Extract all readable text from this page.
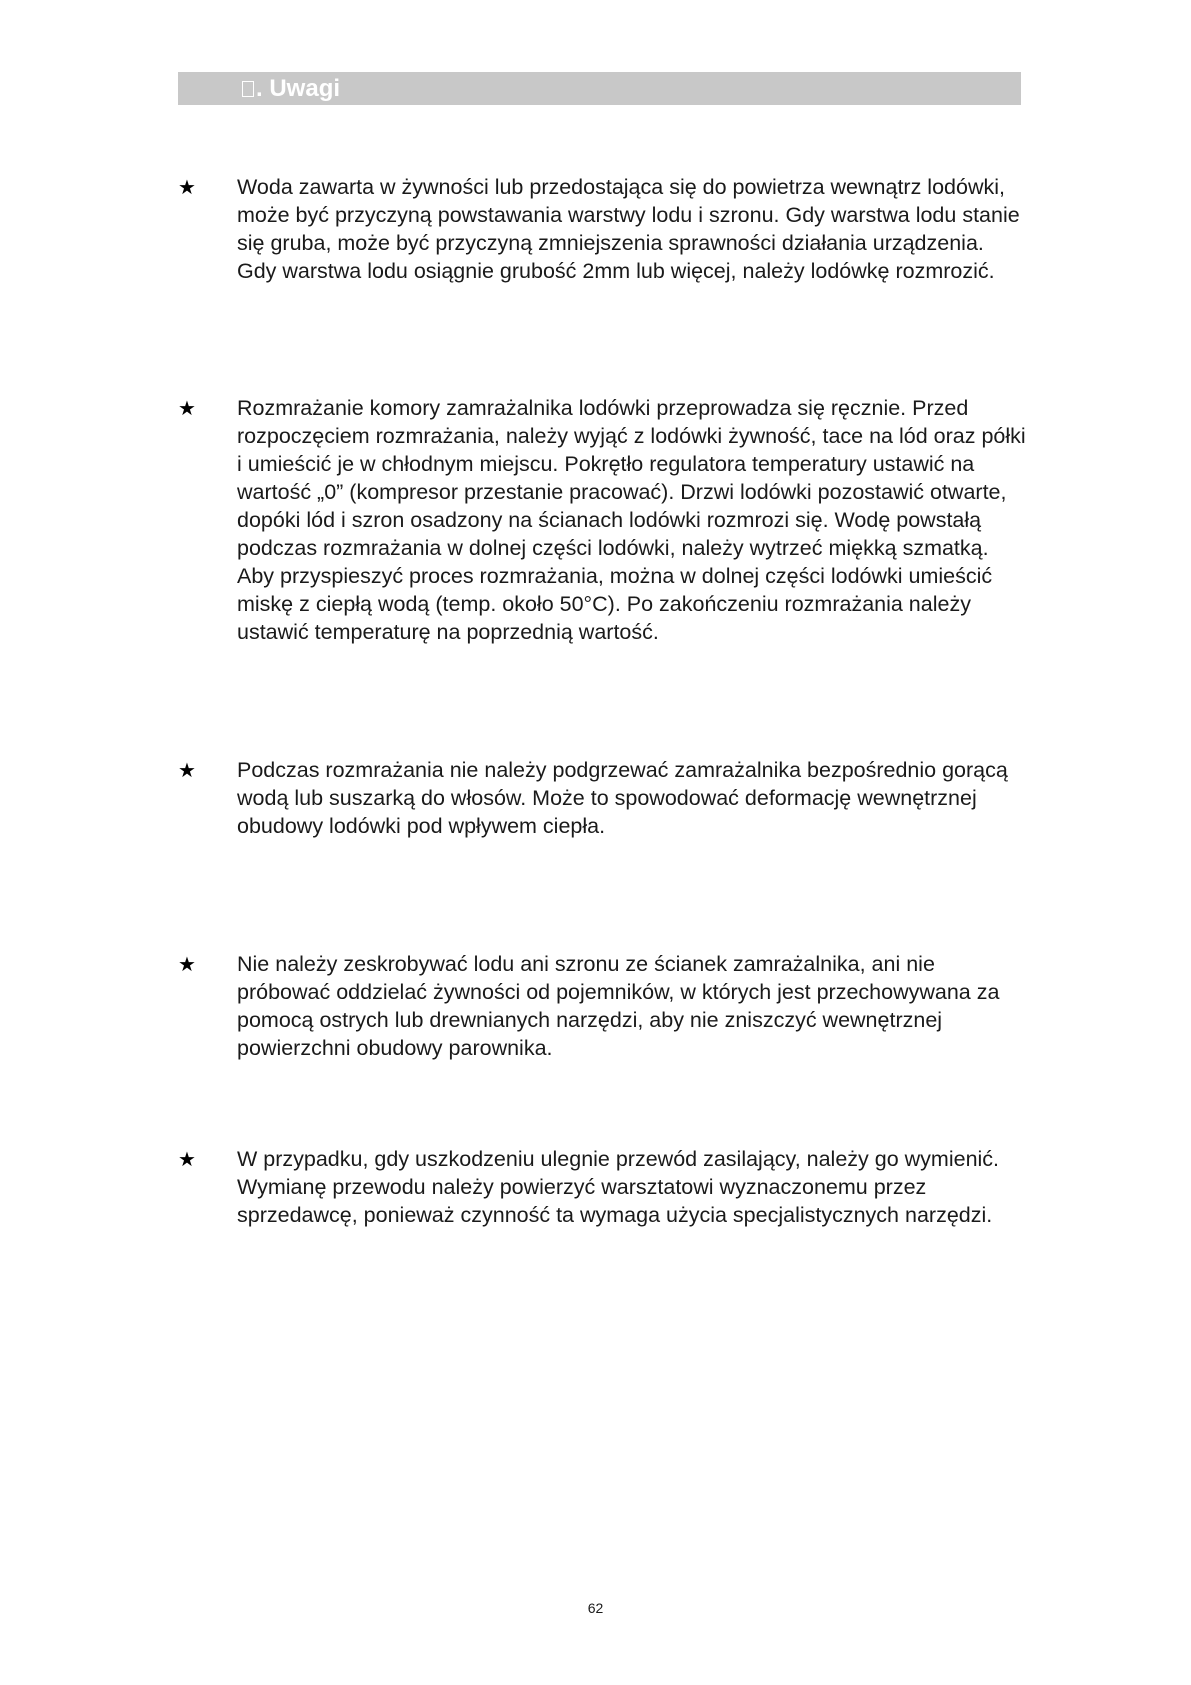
. Uwagi
★ Woda zawarta w żywności lub przedostająca się do powietrza wewnątrz lodówki, może być przyczyną powstawania warstwy lodu i szronu. Gdy warstwa lodu stanie się gruba, może być przyczyną zmniejszenia sprawności działania urządzenia. Gdy warstwa lodu osiągnie grubość 2mm lub więcej, należy lodówkę rozmrozić.

★ Rozmrażanie komory zamrażalnika lodówki przeprowadza się ręcznie. Przed rozpoczęciem rozmrażania, należy wyjąć z lodówki żywność, tace na lód oraz półki i umieścić je w chłodnym miejscu. Pokrętło regulatora temperatury ustawić na wartość „0” (kompresor przestanie pracować). Drzwi lodówki pozostawić otwarte, dopóki lód i szron osadzony na ścianach lodówki rozmrozi się. Wodę powstałą podczas rozmrażania w dolnej części lodówki, należy wytrzeć miękką szmatką. Aby przyspieszyć proces rozmrażania, można w dolnej części lodówki umieścić miskę z ciepłą wodą (temp. około 50°C). Po zakończeniu rozmrażania należy ustawić temperaturę na poprzednią wartość.

★ Podczas rozmrażania nie należy podgrzewać zamrażalnika bezpośrednio gorącą wodą lub suszarką do włosów. Może to spowodować deformację wewnętrznej obudowy lodówki pod wpływem ciepła.

★ Nie należy zeskrobywać lodu ani szronu ze ścianek zamrażalnika, ani nie próbować oddzielać żywności od pojemników, w których jest przechowywana za pomocą ostrych lub drewnianych narzędzi, aby nie zniszczyć wewnętrznej powierzchni obudowy parownika.

★ W przypadku, gdy uszkodzeniu ulegnie przewód zasilający, należy go wymienić. Wymianę przewodu należy powierzyć warsztatowi wyznaczonemu przez sprzedawcę, ponieważ czynność ta wymaga użycia specjalistycznych narzędzi.

62
